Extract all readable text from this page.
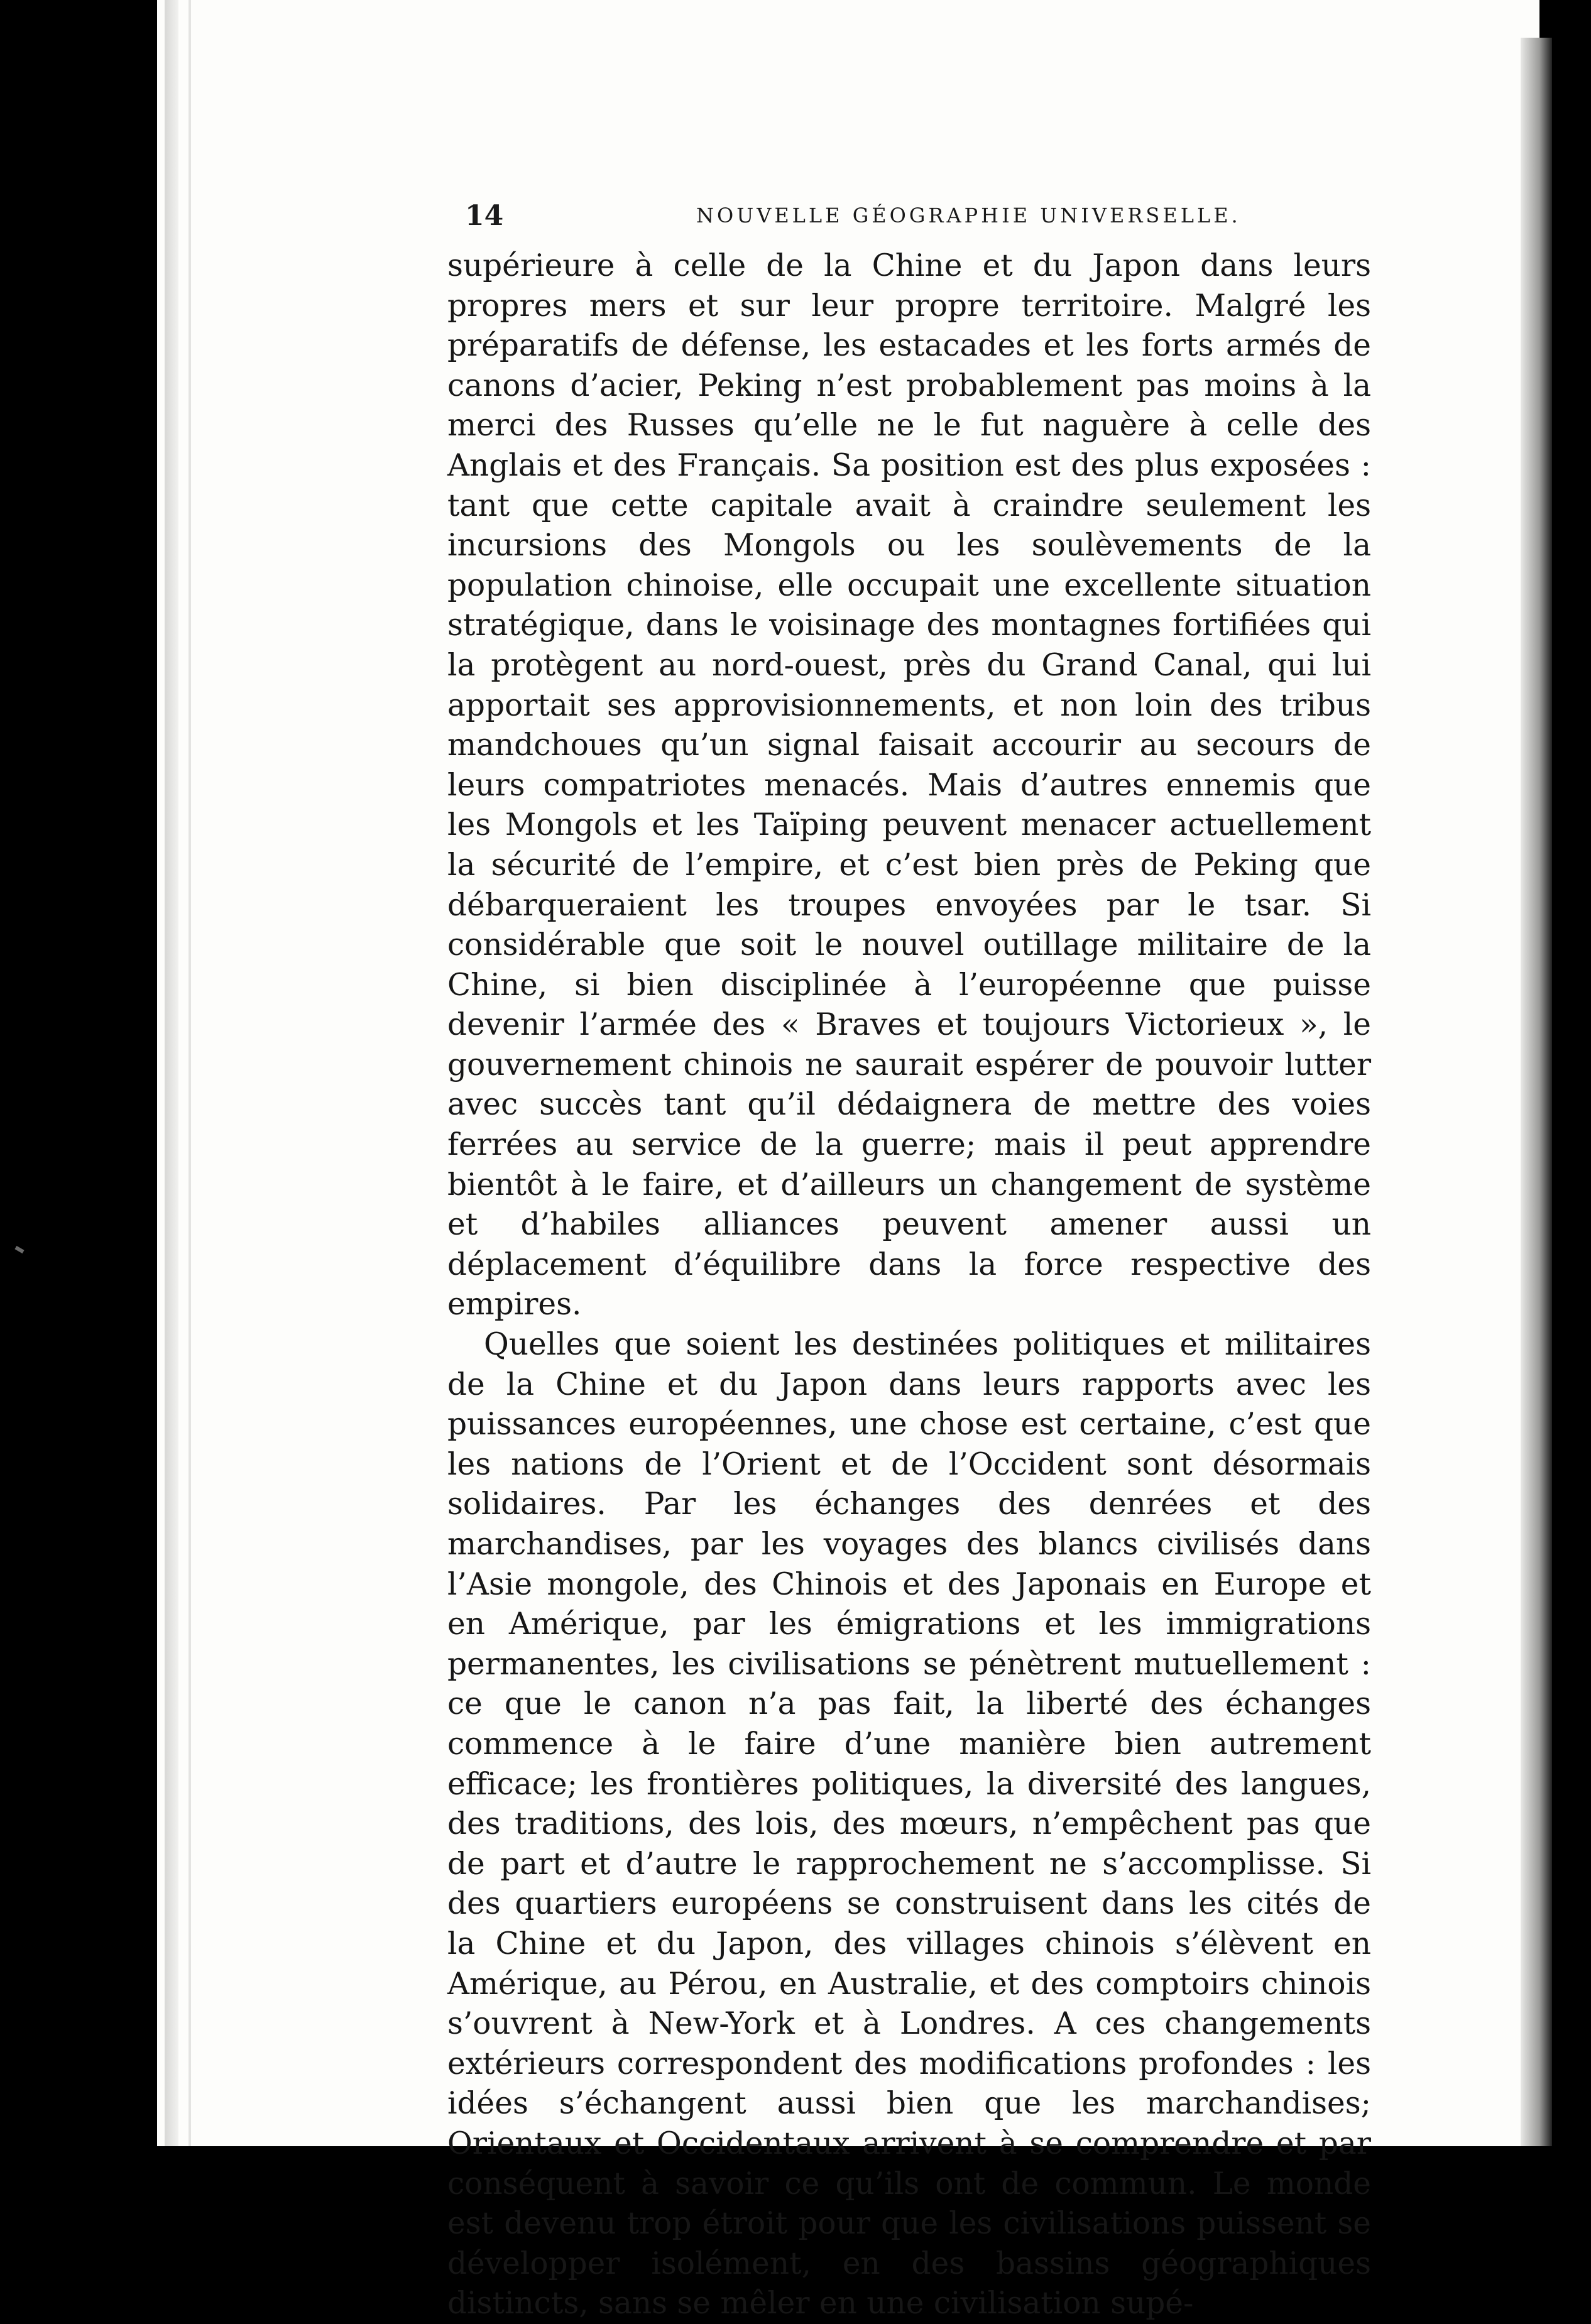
14	NOUVELLE GÉOGRAPHIE UNIVERSELLE.

supérieure à celle de la Chine et du Japon dans leurs propres mers et sur leur propre territoire. Malgré les préparatifs de défense, les estacades et les forts armés de canons d’acier, Peking n’est probablement pas moins à la merci des Russes qu’elle ne le fut naguère à celle des Anglais et des Français. Sa position est des plus exposées : tant que cette capitale avait à craindre seulement les incursions des Mongols ou les soulèvements de la population chinoise, elle occupait une excellente situation stratégique, dans le voisinage des montagnes fortifiées qui la protègent au nord-ouest, près du Grand Canal, qui lui apportait ses approvisionnements, et non loin des tribus mandchoues qu’un signal faisait accourir au secours de leurs compatriotes menacés. Mais d’autres ennemis que les Mongols et les Taïping peuvent menacer actuellement la sécurité de l’empire, et c’est bien près de Peking que débarqueraient les troupes envoyées par le tsar. Si considérable que soit le nouvel outillage militaire de la Chine, si bien disciplinée à l’européenne que puisse devenir l’armée des « Braves et toujours Victorieux », le gouvernement chinois ne saurait espérer de pouvoir lutter avec succès tant qu’il dédaignera de mettre des voies ferrées au service de la guerre; mais il peut apprendre bientôt à le faire, et d’ailleurs un changement de système et d’habiles alliances peuvent amener aussi un déplacement d’équilibre dans la force respective des empires.

Quelles que soient les destinées politiques et militaires de la Chine et du Japon dans leurs rapports avec les puissances européennes, une chose est certaine, c’est que les nations de l’Orient et de l’Occident sont désormais solidaires. Par les échanges des denrées et des marchandises, par les voyages des blancs civilisés dans l’Asie mongole, des Chinois et des Japonais en Europe et en Amérique, par les émigrations et les immigrations permanentes, les civilisations se pénètrent mutuellement : ce que le canon n’a pas fait, la liberté des échanges commence à le faire d’une manière bien autrement efficace; les frontières politiques, la diversité des langues, des traditions, des lois, des mœurs, n’empêchent pas que de part et d’autre le rapprochement ne s’accomplisse. Si des quartiers européens se construisent dans les cités de la Chine et du Japon, des villages chinois s’élèvent en Amérique, au Pérou, en Australie, et des comptoirs chinois s’ouvrent à New-York et à Londres. A ces changements extérieurs correspondent des modifications profondes : les idées s’échangent aussi bien que les marchandises; Orientaux et Occidentaux arrivent à se comprendre et par conséquent à savoir ce qu’ils ont de commun. Le monde est devenu trop étroit pour que les civilisations puissent se développer isolément, en des bassins géographiques distincts, sans se mêler en une civilisation supé-
